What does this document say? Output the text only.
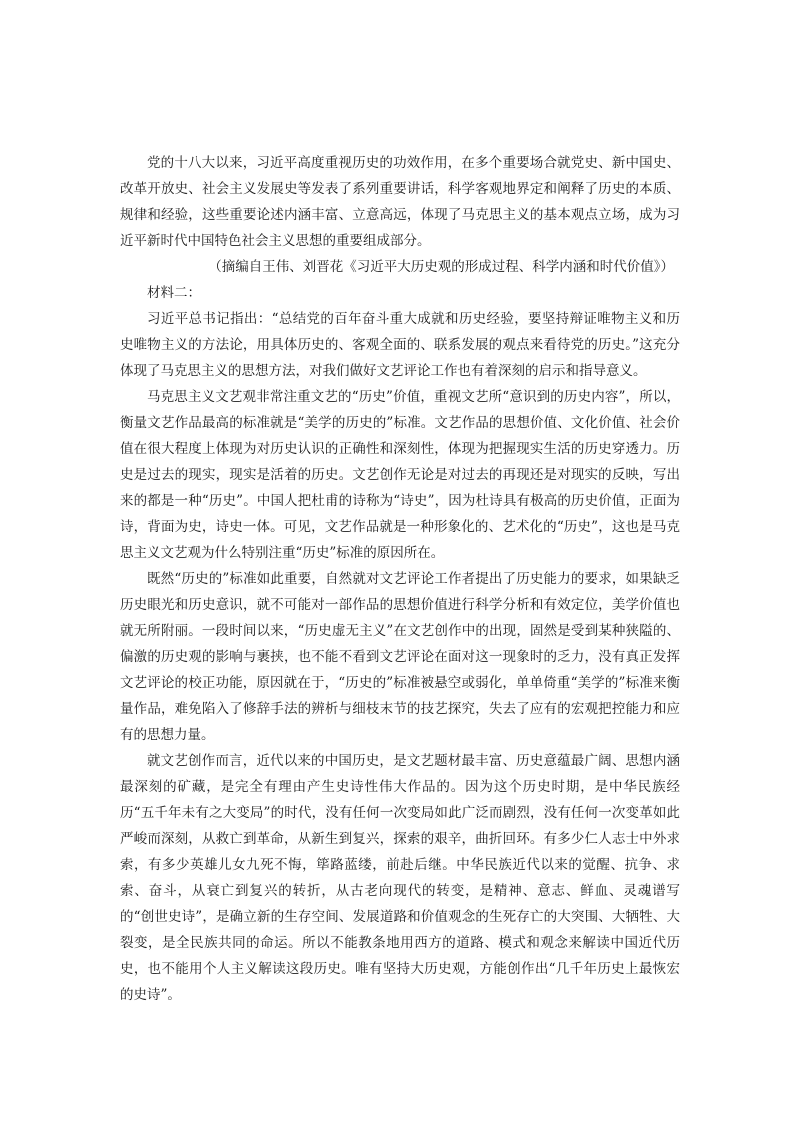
党的十八大以来，习近平高度重视历史的功效作用，在多个重要场合就党史、新中国史、改革开放史、社会主义发展史等发表了系列重要讲话，科学客观地界定和阐释了历史的本质、规律和经验，这些重要论述内涵丰富、立意高远，体现了马克思主义的基本观点立场，成为习近平新时代中国特色社会主义思想的重要组成部分。

（摘编自王伟、刘晋花《习近平大历史观的形成过程、科学内涵和时代价值》）

材料二：

习近平总书记指出：“总结党的百年奋斗重大成就和历史经验，要坚持辩证唯物主义和历史唯物主义的方法论，用具体历史的、客观全面的、联系发展的观点来看待党的历史。”这充分体现了马克思主义的思想方法，对我们做好文艺评论工作也有着深刻的启示和指导意义。

马克思主义文艺观非常注重文艺的“历史”价值，重视文艺所“意识到的历史内容”，所以，衡量文艺作品最高的标准就是“美学的历史的”标准。文艺作品的思想价值、文化价值、社会价值在很大程度上体现为对历史认识的正确性和深刻性，体现为把握现实生活的历史穿透力。历史是过去的现实，现实是活着的历史。文艺创作无论是对过去的再现还是对现实的反映，写出来的都是一种“历史”。中国人把杜甫的诗称为“诗史”，因为杜诗具有极高的历史价值，正面为诗，背面为史，诗史一体。可见，文艺作品就是一种形象化的、艺术化的“历史”，这也是马克思主义文艺观为什么特别注重“历史”标准的原因所在。

既然“历史的”标准如此重要，自然就对文艺评论工作者提出了历史能力的要求，如果缺乏历史眼光和历史意识，就不可能对一部作品的思想价值进行科学分析和有效定位，美学价值也就无所附丽。一段时间以来，“历史虚无主义”在文艺创作中的出现，固然是受到某种狭隘的、偏激的历史观的影响与裹挟，也不能不看到文艺评论在面对这一现象时的乏力，没有真正发挥文艺评论的校正功能，原因就在于，“历史的”标准被悬空或弱化，单单倚重“美学的”标准来衡量作品，难免陷入了修辞手法的辨析与细枝末节的技艺探究，失去了应有的宏观把控能力和应有的思想力量。

就文艺创作而言，近代以来的中国历史，是文艺题材最丰富、历史意蕴最广阔、思想内涵最深刻的矿藏，是完全有理由产生史诗性伟大作品的。因为这个历史时期，是中华民族经历“五千年未有之大变局”的时代，没有任何一次变局如此广泛而剧烈，没有任何一次变革如此严峻而深刻，从救亡到革命，从新生到复兴，探索的艰辛，曲折回环。有多少仁人志士中外求索，有多少英雄儿女九死不悔，筚路蓝缕，前赴后继。中华民族近代以来的觉醒、抗争、求索、奋斗，从衰亡到复兴的转折，从古老向现代的转变，是精神、意志、鲜血、灵魂谱写的“创世史诗”，是确立新的生存空间、发展道路和价值观念的生死存亡的大突围、大牺牲、大裂变，是全民族共同的命运。所以不能教条地用西方的道路、模式和观念来解读中国近代历史，也不能用个人主义解读这段历史。唯有坚持大历史观，方能创作出“几千年历史上最恢宏的史诗”。
